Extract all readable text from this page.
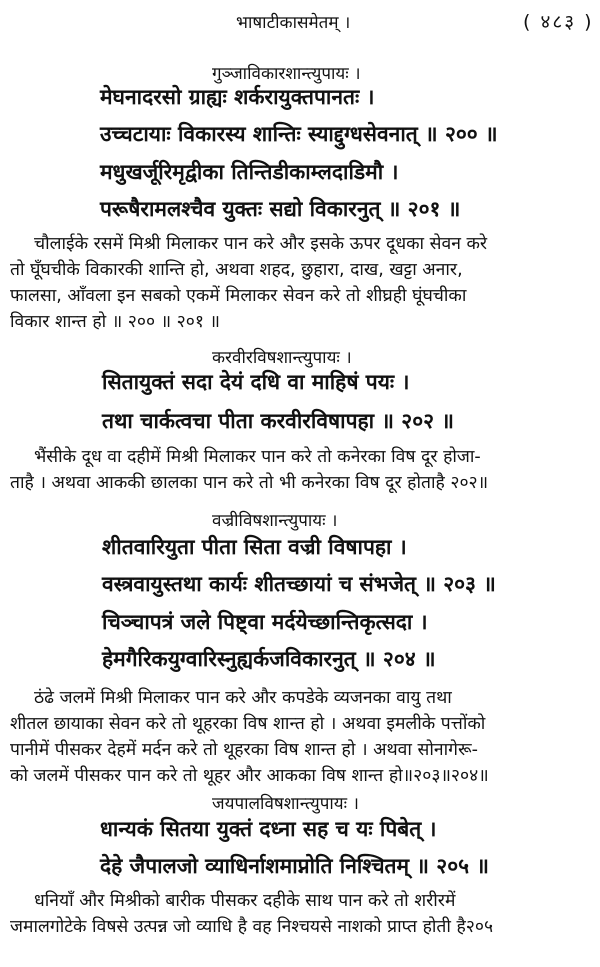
भाषाटीकासमेतम् ।	( ४८३ )
गुञ्जाविकारशान्त्युपायः ।
मेघनादरसो ग्राह्यः शर्करायुक्तपानतः ।
उच्चटायाः विकारस्य शान्तिः स्याद्दुग्धसेवनात् ॥ २०० ॥
मधुखर्जूरिमृद्वीका तिन्तिडीकाम्लदाडिमौ ।
परूषैरामलश्चैव युक्तः सद्यो विकारनुत् ॥ २०१ ॥

चौलाईके रसमें मिश्री मिलाकर पान करे और इसके ऊपर दूधका सेवन करे

तो घूँघचीके विकारकी शान्ति हो, अथवा शहद, छुहारा, दाख, खट्टा अनार,

फालसा, आँवला इन सबको एकमें मिलाकर सेवन करे तो शीघ्रही घूंघचीका

विकार शान्त हो ॥ २०० ॥ २०१ ॥

करवीरविषशान्त्युपायः ।
सितायुक्तं सदा देयं दधि वा माहिषं पयः ।
तथा चार्कत्वचा पीता करवीरविषापहा ॥ २०२ ॥

भैंसीके दूध वा दहीमें मिश्री मिलाकर पान करे तो कनेरका विष दूर होजा-

ताहै । अथवा आककी छालका पान करे तो भी कनेरका विष दूर होताहै २०२॥

वज्रीविषशान्त्युपायः ।
शीतवारियुता पीता सिता वज्री विषापहा ।
वस्त्रवायुस्तथा कार्यः शीतच्छायां च संभजेत् ॥ २०३ ॥
चिञ्चापत्रं जले पिष्ट्वा मर्दयेच्छान्तिकृत्सदा ।
हेमगैरिकयुग्वारिस्नुह्यर्कजविकारनुत् ॥ २०४ ॥

ठंढे जलमें मिश्री मिलाकर पान करे और कपडेके व्यजनका वायु तथा

शीतल छायाका सेवन करे तो थूहरका विष शान्त हो । अथवा इमलीके पत्तोंको

पानीमें पीसकर देहमें मर्दन करे तो थूहरका विष शान्त हो । अथवा सोनागेरू-

को जलमें पीसकर पान करे तो थूहर और आकका विष शान्त हो॥२०३॥२०४॥

जयपालविषशान्त्युपायः ।
धान्यकं सितया युक्तं दध्ना सह च यः पिबेत् ।
देहे जैपालजो व्याधिर्नाशमाप्नोति निश्चितम् ॥ २०५ ॥

धनियाँ और मिश्रीको बारीक पीसकर दहीके साथ पान करे तो शरीरमें

जमालगोटेके विषसे उत्पन्न जो व्याधि है वह निश्चयसे नाशको प्राप्त होती है२०५
